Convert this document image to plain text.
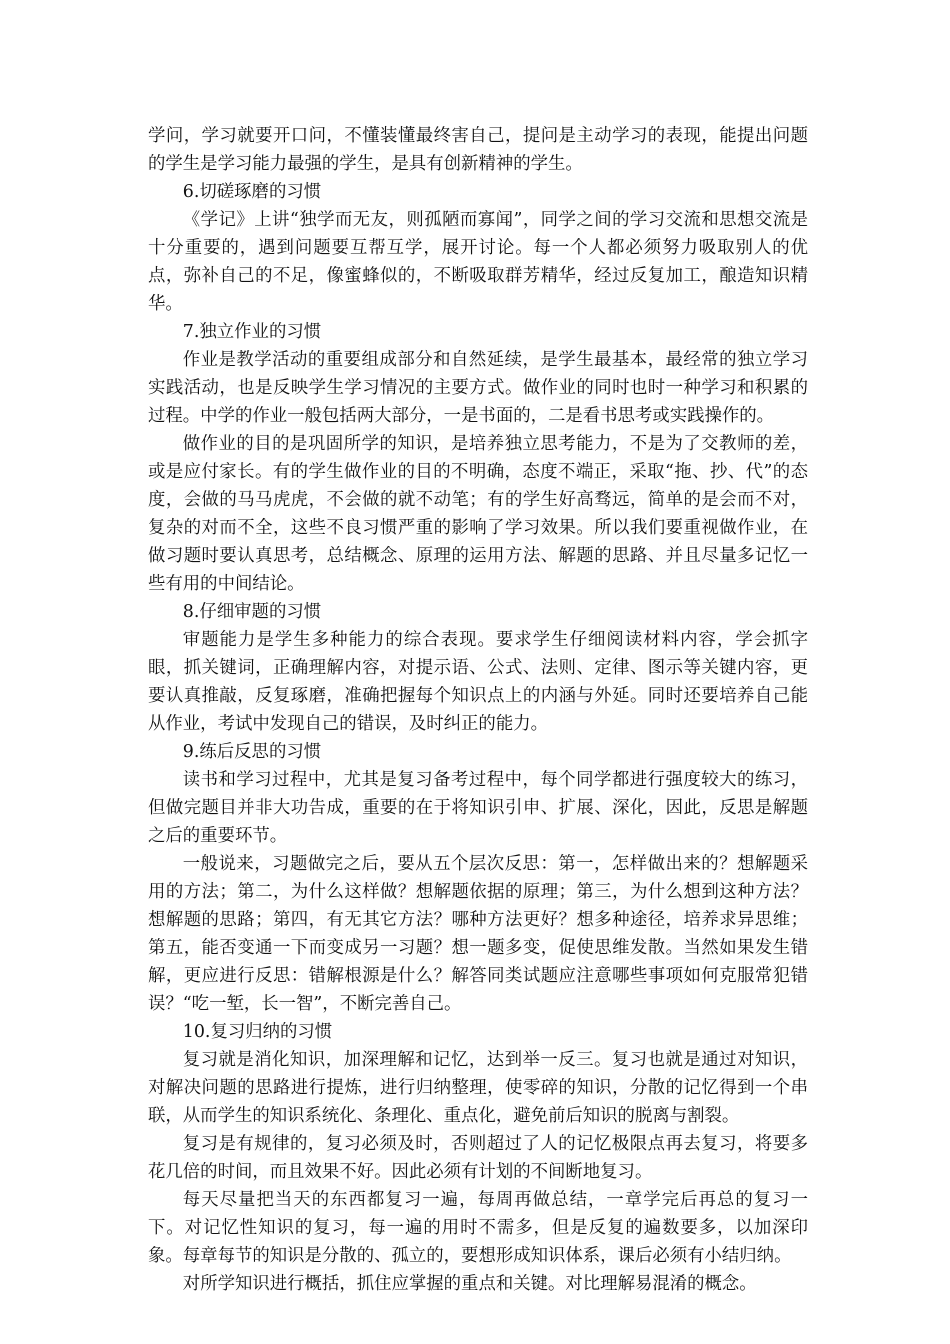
学问，学习就要开口问，不懂装懂最终害自己，提问是主动学习的表现，能提出问题的学生是学习能力最强的学生，是具有创新精神的学生。

6.切磋琢磨的习惯

《学记》上讲“独学而无友，则孤陋而寡闻”，同学之间的学习交流和思想交流是十分重要的，遇到问题要互帮互学，展开讨论。每一个人都必须努力吸取别人的优点，弥补自己的不足，像蜜蜂似的，不断吸取群芳精华，经过反复加工，酿造知识精华。

7.独立作业的习惯

作业是教学活动的重要组成部分和自然延续，是学生最基本，最经常的独立学习实践活动，也是反映学生学习情况的主要方式。做作业的同时也时一种学习和积累的过程。中学的作业一般包括两大部分，一是书面的，二是看书思考或实践操作的。

做作业的目的是巩固所学的知识，是培养独立思考能力，不是为了交教师的差，或是应付家长。有的学生做作业的目的不明确，态度不端正，采取“拖、抄、代”的态度，会做的马马虎虎，不会做的就不动笔；有的学生好高骛远，简单的是会而不对，复杂的对而不全，这些不良习惯严重的影响了学习效果。所以我们要重视做作业，在做习题时要认真思考，总结概念、原理的运用方法、解题的思路、并且尽量多记忆一些有用的中间结论。

8.仔细审题的习惯

审题能力是学生多种能力的综合表现。要求学生仔细阅读材料内容，学会抓字眼，抓关键词，正确理解内容，对提示语、公式、法则、定律、图示等关键内容，更要认真推敲，反复琢磨，准确把握每个知识点上的内涵与外延。同时还要培养自己能从作业，考试中发现自己的错误，及时纠正的能力。

9.练后反思的习惯

读书和学习过程中，尤其是复习备考过程中，每个同学都进行强度较大的练习，但做完题目并非大功告成，重要的在于将知识引申、扩展、深化，因此，反思是解题之后的重要环节。

一般说来，习题做完之后，要从五个层次反思：第一，怎样做出来的？想解题采用的方法；第二，为什么这样做？想解题依据的原理；第三，为什么想到这种方法？想解题的思路；第四，有无其它方法？哪种方法更好？想多种途径，培养求异思维；第五，能否变通一下而变成另一习题？想一题多变，促使思维发散。当然如果发生错解，更应进行反思：错解根源是什么？解答同类试题应注意哪些事项如何克服常犯错误？“吃一堑，长一智”，不断完善自己。

10.复习归纳的习惯

复习就是消化知识，加深理解和记忆，达到举一反三。复习也就是通过对知识，对解决问题的思路进行提炼，进行归纳整理，使零碎的知识，分散的记忆得到一个串联，从而学生的知识系统化、条理化、重点化，避免前后知识的脱离与割裂。

复习是有规律的，复习必须及时，否则超过了人的记忆极限点再去复习，将要多花几倍的时间，而且效果不好。因此必须有计划的不间断地复习。

每天尽量把当天的东西都复习一遍，每周再做总结，一章学完后再总的复习一下。对记忆性知识的复习，每一遍的用时不需多，但是反复的遍数要多，以加深印象。每章每节的知识是分散的、孤立的，要想形成知识体系，课后必须有小结归纳。

对所学知识进行概括，抓住应掌握的重点和关键。对比理解易混淆的概念。
